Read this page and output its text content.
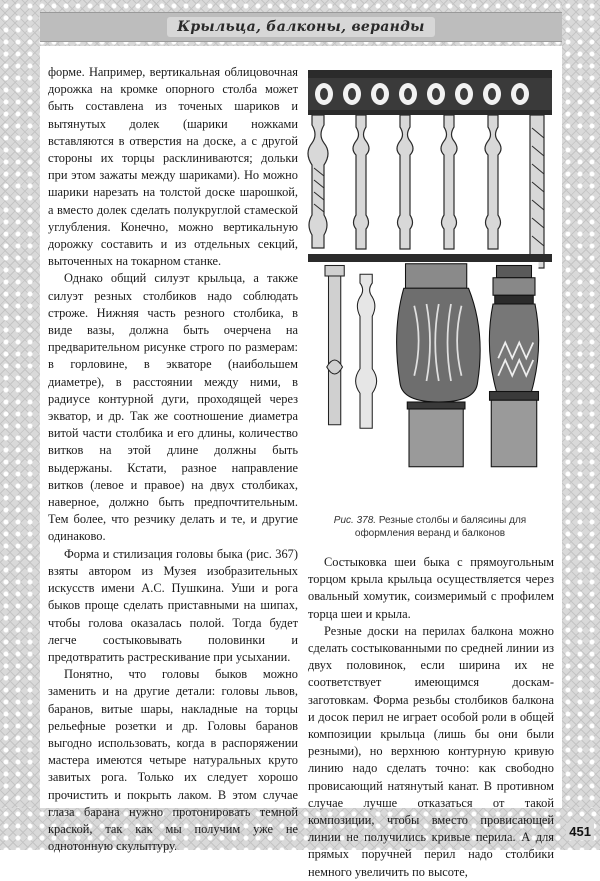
Крыльца, балконы, веранды

форме. Например, вертикальная облицовочная дорожка на кромке опорного столба может быть составлена из точеных шариков и вытянутых долек (шарики ножками вставляются в отверстия на доске, а с другой стороны их торцы расклиниваются; дольки при этом зажаты между шариками). Но можно шарики нарезать на толстой доске шарошкой, а вместо долек сделать полукруглой стамеской углубления. Конечно, можно вертикальную дорожку составить и из отдельных секций, выточенных на токарном станке.

Однако общий силуэт крыльца, а также силуэт резных столбиков надо соблюдать строже. Нижняя часть резного столбика, в виде вазы, должна быть очерчена на предварительном рисунке строго по размерам: в горловине, в экваторе (наибольшем диаметре), в расстоянии между ними, в радиусе контурной дуги, проходящей через экватор, и др. Так же соотношение диаметра витой части столбика и его длины, количество витков на этой длине должны быть выдержаны. Кстати, разное направление витков (левое и правое) на двух столбиках, наверное, должно быть предпочтительным. Тем более, что резчику делать и те, и другие одинаково.

Форма и стилизация головы быка (рис. 367) взяты автором из Музея изобразительных искусств имени А.С. Пушкина. Уши и рога быков проще сделать приставными на шипах, чтобы голова оказалась полой. Тогда будет легче состыковывать половинки и предотвратить растрескивание при усыхании.

Понятно, что головы быков можно заменить и на другие детали: головы львов, баранов, витые шары, накладные на торцы рельефные розетки и др. Головы баранов выгодно использовать, когда в распоряжении мастера имеются четыре натуральных круто завитых рога. Только их следует хорошо прочистить и покрыть лаком. В этом случае глаза барана нужно протонировать темной краской, так как мы получим уже не однотонную скульптуру.

Рис. 378. Резные столбы и балясины для оформления веранд и балконов

Состыковка шеи быка с прямоугольным торцом крыла крыльца осуществляется через овальный хомутик, соизмеримый с профилем торца шеи и крыла.

Резные доски на перилах балкона можно сделать состыкованными по средней линии из двух половинок, если ширина их не соответствует имеющимся доскам-заготовкам. Форма резьбы столбиков балкона и досок перил не играет особой роли в общей композиции крыльца (лишь бы они были резными), но верхнюю контурную кривую линию надо сделать точно: как свободно провисающий натянутый канат. В противном случае лучше отказаться от такой композиции, чтобы вместо провисающей линии не получились кривые перила. А для прямых поручней перил надо столбики немного увеличить по высоте,

451
